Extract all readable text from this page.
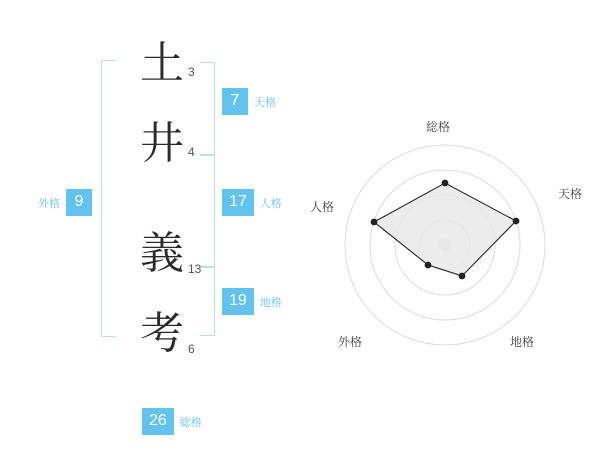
土 3
井 4
義 13
考 6
7	天格
17	人格
19	地格
外格 9
26	総格
総格
天格
地格
外格
人格
